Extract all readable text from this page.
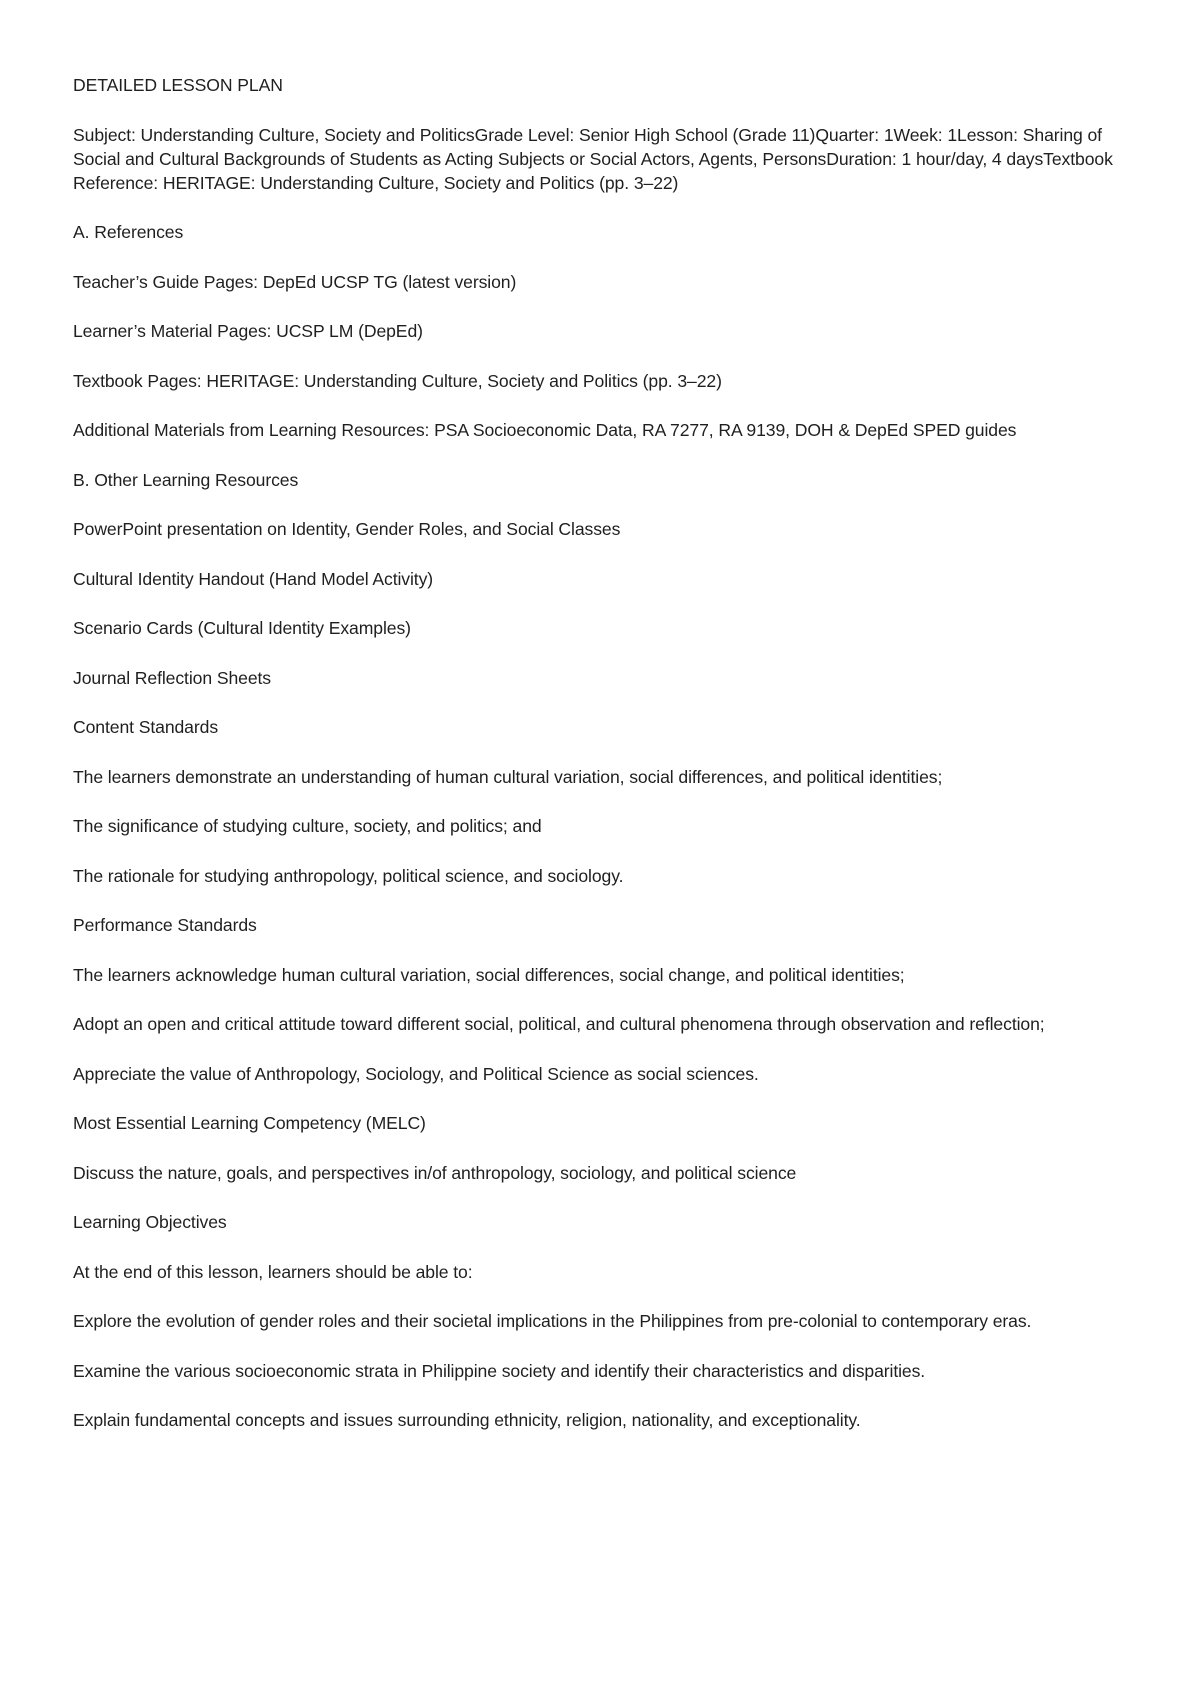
DETAILED LESSON PLAN

Subject: Understanding Culture, Society and PoliticsGrade Level: Senior High School (Grade 11)Quarter: 1Week: 1Lesson: Sharing of Social and Cultural Backgrounds of Students as Acting Subjects or Social Actors, Agents, PersonsDuration: 1 hour/day, 4 daysTextbook Reference: HERITAGE: Understanding Culture, Society and Politics (pp. 3–22)

A. References

Teacher’s Guide Pages: DepEd UCSP TG (latest version)

Learner’s Material Pages: UCSP LM (DepEd)

Textbook Pages: HERITAGE: Understanding Culture, Society and Politics (pp. 3–22)

Additional Materials from Learning Resources: PSA Socioeconomic Data, RA 7277, RA 9139, DOH & DepEd SPED guides

B. Other Learning Resources

PowerPoint presentation on Identity, Gender Roles, and Social Classes

Cultural Identity Handout (Hand Model Activity)

Scenario Cards (Cultural Identity Examples)

Journal Reflection Sheets

Content Standards

The learners demonstrate an understanding of human cultural variation, social differences, and political identities;

The significance of studying culture, society, and politics; and

The rationale for studying anthropology, political science, and sociology.

Performance Standards

The learners acknowledge human cultural variation, social differences, social change, and political identities;

Adopt an open and critical attitude toward different social, political, and cultural phenomena through observation and reflection;

Appreciate the value of Anthropology, Sociology, and Political Science as social sciences.

Most Essential Learning Competency (MELC)

Discuss the nature, goals, and perspectives in/of anthropology, sociology, and political science

Learning Objectives

At the end of this lesson, learners should be able to:

Explore the evolution of gender roles and their societal implications in the Philippines from pre-colonial to contemporary eras.

Examine the various socioeconomic strata in Philippine society and identify their characteristics and disparities.

Explain fundamental concepts and issues surrounding ethnicity, religion, nationality, and exceptionality.
